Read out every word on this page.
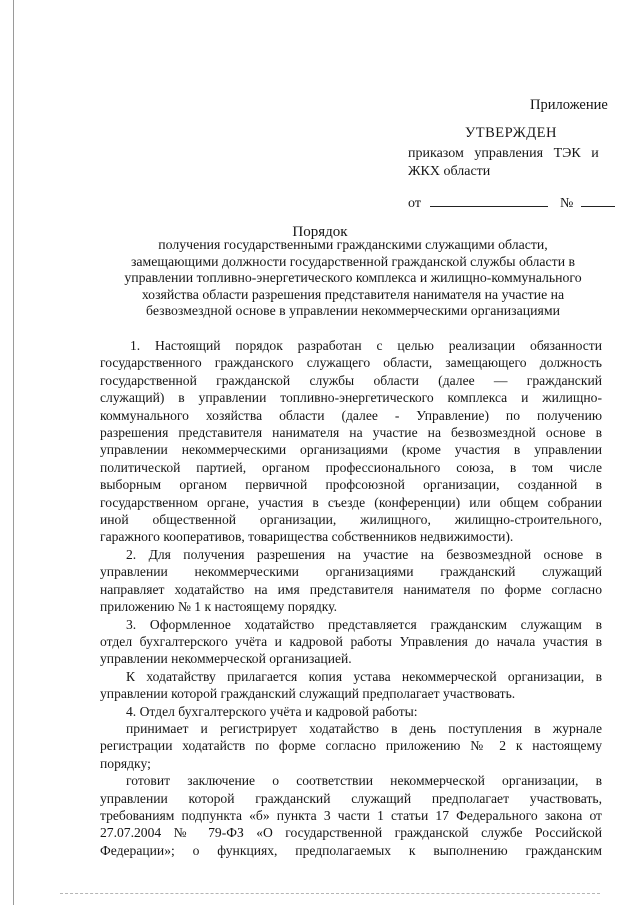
Приложение
УТВЕРЖДЕН
приказом управления ТЭК и
ЖКХ области
от	№
Порядок
получения государственными гражданскими служащими области,
замещающими должности государственной гражданской службы области в
управлении топливно-энергетического комплекса и жилищно-коммунального
хозяйства области разрешения представителя нанимателя на участие на
безвозмездной основе в управлении некоммерческими организациями
1. Настоящий порядок разработан с целью реализации обязанности
государственного гражданского служащего области, замещающего должность
государственной гражданской службы области (далее — гражданский
служащий) в управлении топливно-энергетического комплекса и жилищно-
коммунального хозяйства области (далее - Управление) по получению
разрешения представителя нанимателя на участие на безвозмездной основе в
управлении некоммерческими организациями (кроме участия в управлении
политической партией, органом профессионального союза, в том числе
выборным органом первичной профсоюзной организации, созданной в
государственном органе, участия в съезде (конференции) или общем собрании
иной общественной организации, жилищного, жилищно-строительного,
гаражного кооперативов, товарищества собственников недвижимости).
2. Для получения разрешения на участие на безвозмездной основе в
управлении некоммерческими организациями гражданский служащий
направляет ходатайство на имя представителя нанимателя по форме согласно
приложению № 1 к настоящему порядку.
3. Оформленное ходатайство представляется гражданским служащим в
отдел бухгалтерского учёта и кадровой работы Управления до начала участия в
управлении некоммерческой организацией.
К ходатайству прилагается копия устава некоммерческой организации, в
управлении которой гражданский служащий предполагает участвовать.
4. Отдел бухгалтерского учёта и кадровой работы:
принимает и регистрирует ходатайство в день поступления в журнале
регистрации ходатайств по форме согласно приложению № 2 к настоящему
порядку;
готовит заключение о соответствии некоммерческой организации, в
управлении которой гражданский служащий предполагает участвовать,
требованиям подпункта «б» пункта 3 части 1 статьи 17 Федерального закона от
27.07.2004 № 79-ФЗ «О государственной гражданской службе Российской
Федерации»; о функциях, предполагаемых к выполнению гражданским
